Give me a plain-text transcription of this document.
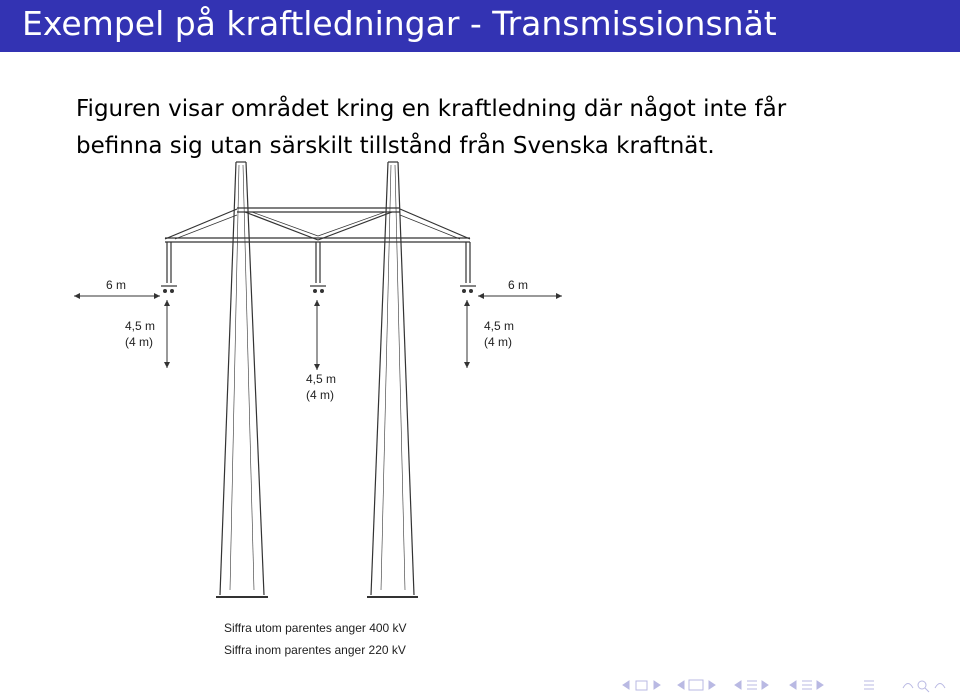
Exempel på kraftledningar - Transmissionsnät
Figuren visar området kring en kraftledning där något inte får
befinna sig utan särskilt tillstånd från Svenska kraftnät.
6 m	6 m
4,5 m
(4 m)
4,5 m
(4 m)
4,5 m
(4 m)
Siffra utom parentes anger 400 kV
Siffra inom parentes anger 220 kV
